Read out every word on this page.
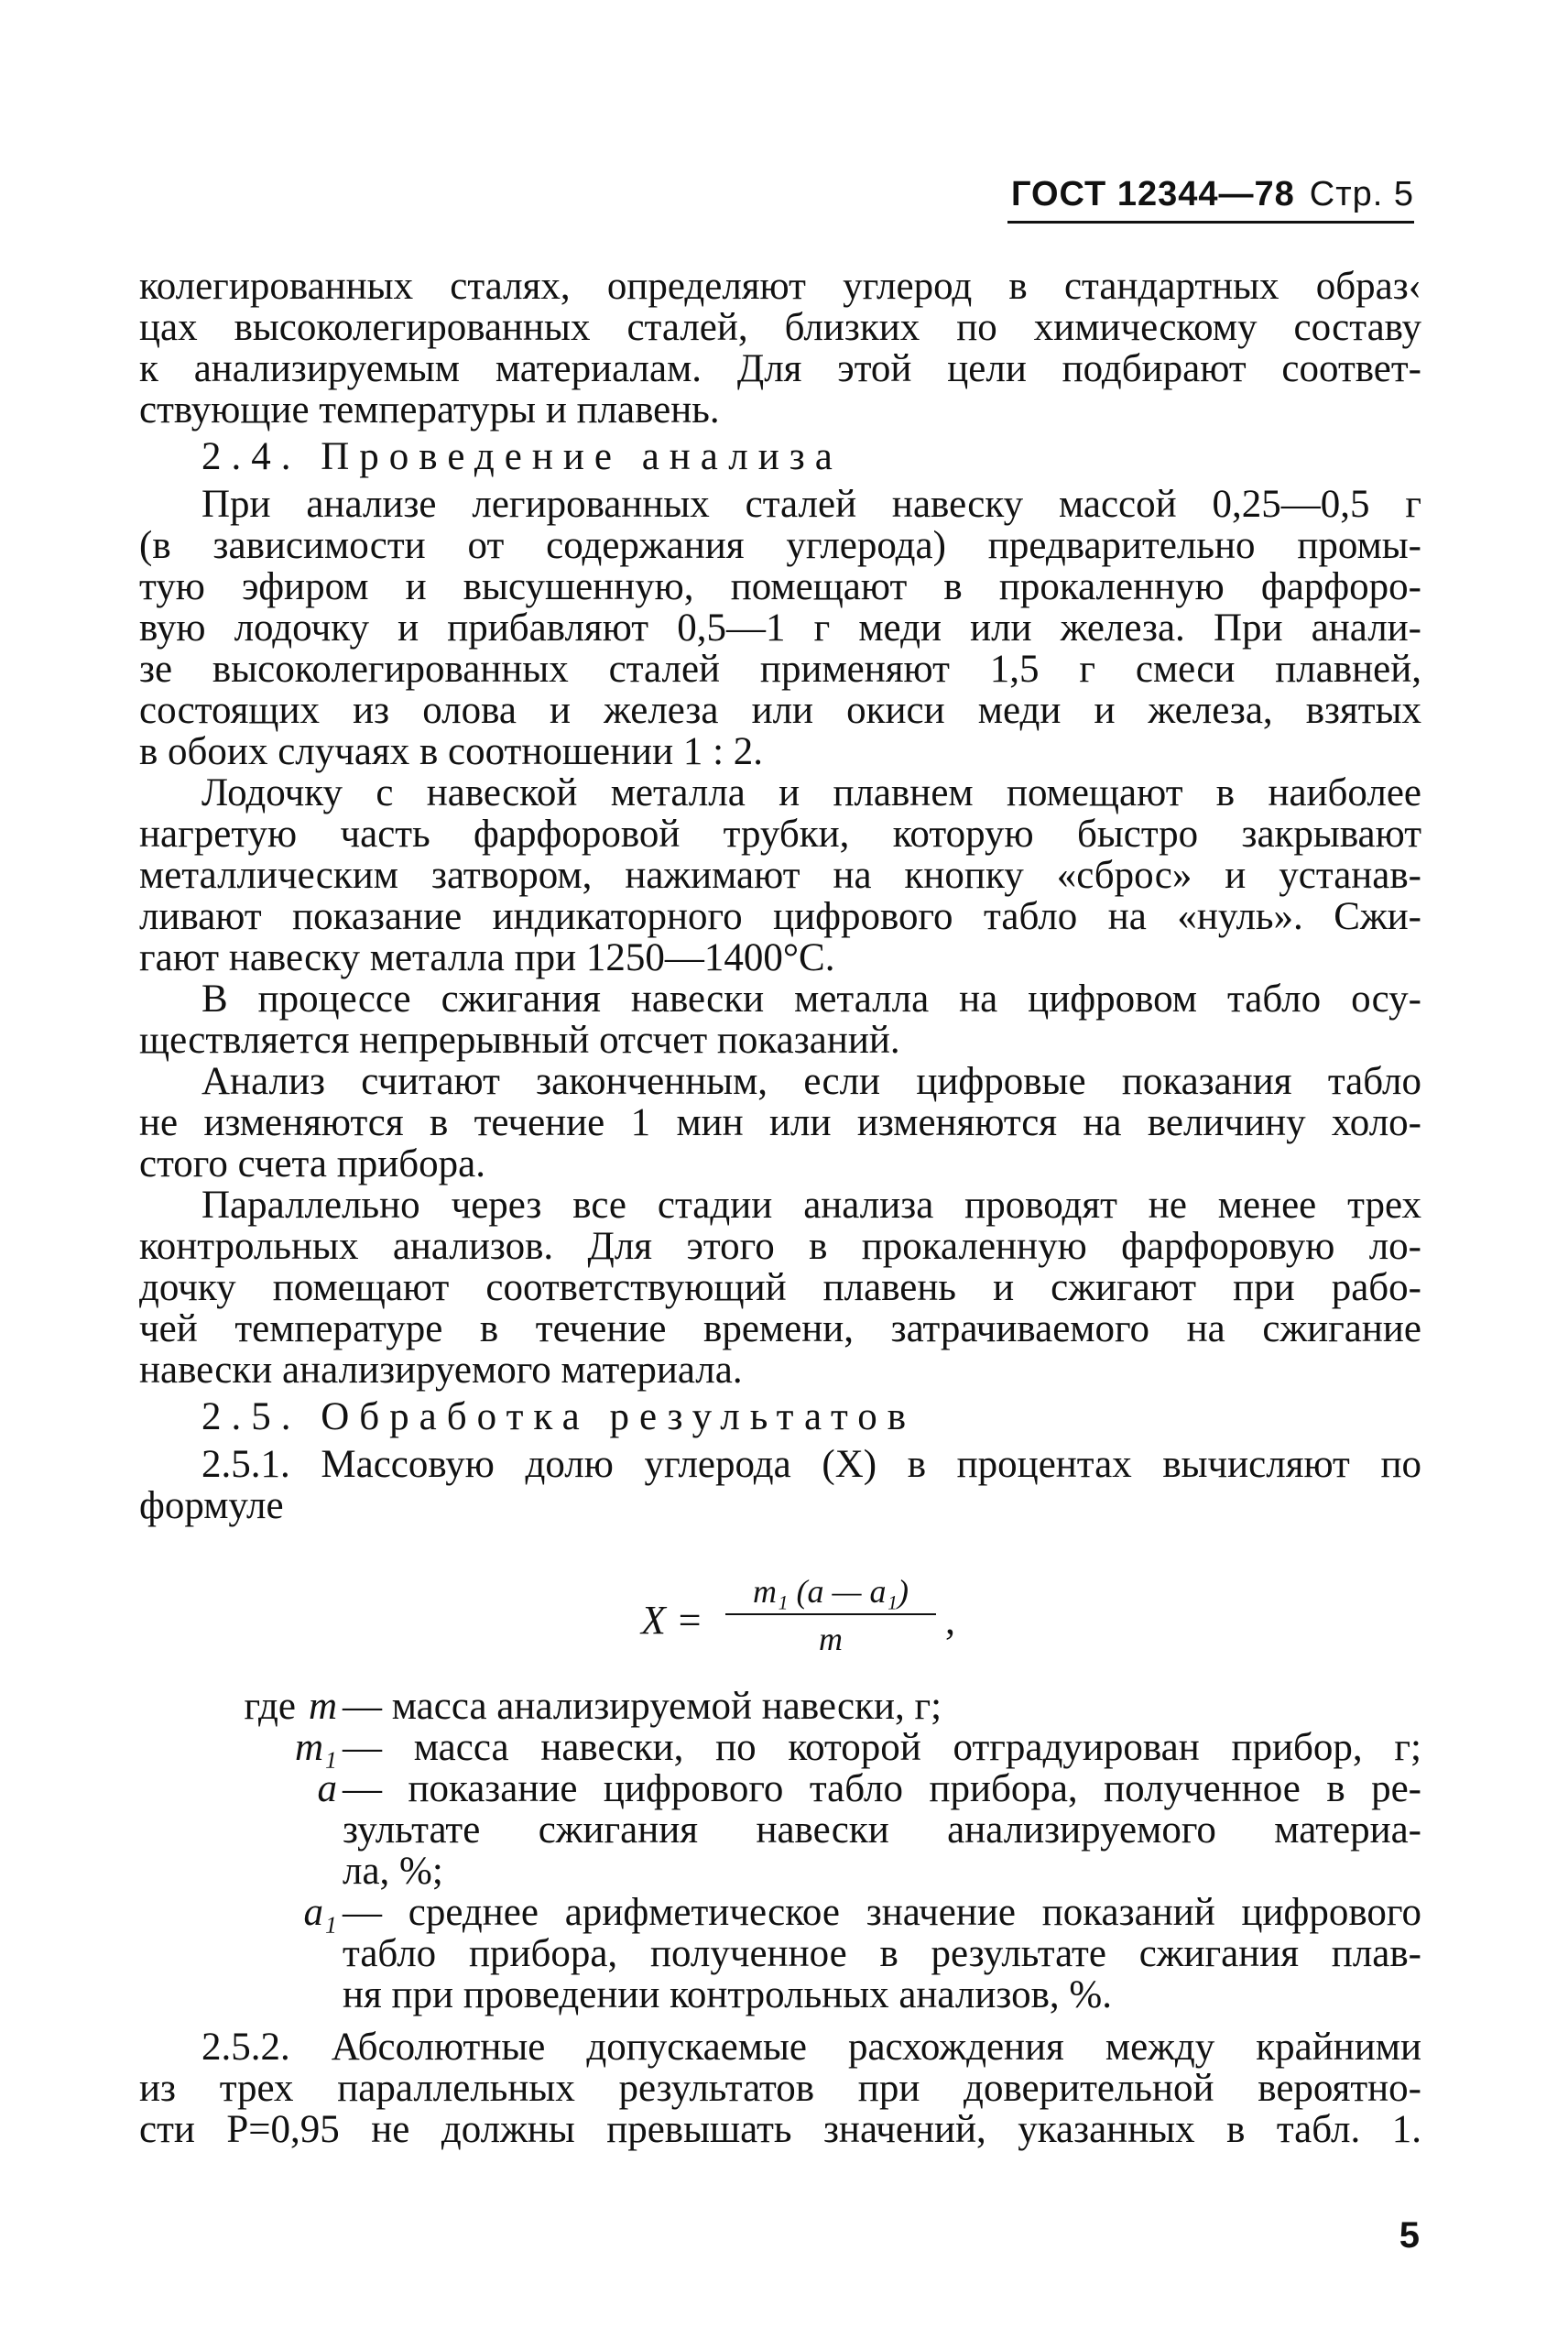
ГОСТ 12344—78 Стр. 5
колегированных сталях, определяют углерод в стандартных образ‹
цах высоколегированных сталей, близких по химическому составу
к анализируемым материалам. Для этой цели подбирают соответ-
ствующие температуры и плавень.
2.4. Проведение анализа
При анализе легированных сталей навеску массой 0,25—0,5 г
(в зависимости от содержания углерода) предварительно промы-
тую эфиром и высушенную, помещают в прокаленную фарфоро-
вую лодочку и прибавляют 0,5—1 г меди или железа. При анали-
зе высоколегированных сталей применяют 1,5 г смеси плавней,
состоящих из олова и железа или окиси меди и железа, взятых
в обоих случаях в соотношении 1 : 2.
Лодочку с навеской металла и плавнем помещают в наиболее
нагретую часть фарфоровой трубки, которую быстро закрывают
металлическим затвором, нажимают на кнопку «сброс» и устанав-
ливают показание индикаторного цифрового табло на «нуль». Сжи-
гают навеску металла при 1250—1400°C.
В процессе сжигания навески металла на цифровом табло осу-
ществляется непрерывный отсчет показаний.
Анализ считают законченным, если цифровые показания табло
не изменяются в течение 1 мин или изменяются на величину холо-
стого счета прибора.
Параллельно через все стадии анализа проводят не менее трех
контрольных анализов. Для этого в прокаленную фарфоровую ло-
дочку помещают соответствующий плавень и сжигают при рабо-
чей температуре в течение времени, затрачиваемого на сжигание
навески анализируемого материала.
2.5. Обработка результатов
2.5.1. Массовую долю углерода (X) в процентах вычисляют по
формуле
X =
m₁ (a — a₁)
m	,
где m — масса анализируемой навески, г;
m₁ — масса навески, по которой отградуирован прибор, г;
a — показание цифрового табло прибора, полученное в ре-
зультате сжигания навески анализируемого материа-
ла, %;
a₁ — среднее арифметическое значение показаний цифрового
табло прибора, полученное в результате сжигания плав-
ня при проведении контрольных анализов, %.
2.5.2. Абсолютные допускаемые расхождения между крайними
из трех параллельных результатов при доверительной вероятно-
сти P=0,95 не должны превышать значений, указанных в табл. 1.
5
